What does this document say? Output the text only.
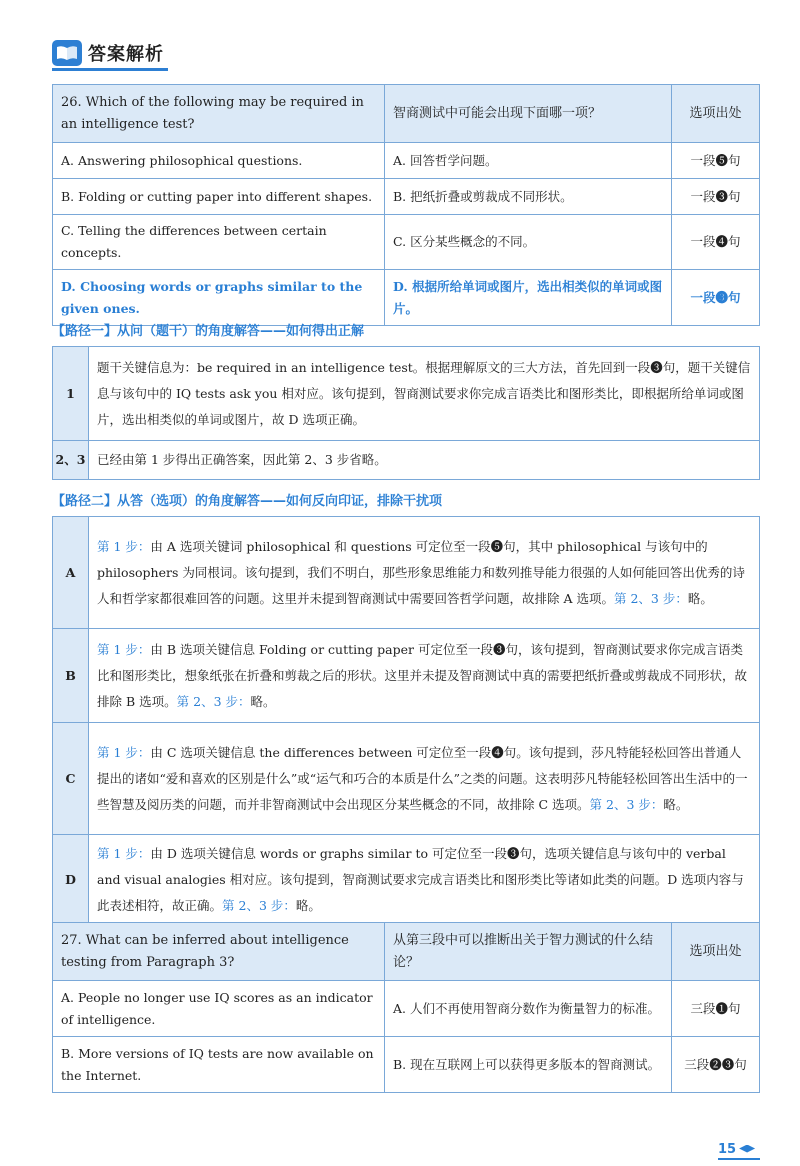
答案解析
26. Which of the following may be required in an intelligence test?	智商测试中可能会出现下面哪一项？	选项出处
A. Answering philosophical questions.	A. 回答哲学问题。	一段❺句
B. Folding or cutting paper into different shapes.	B. 把纸折叠或剪裁成不同形状。	一段❸句
C. Telling the differences between certain concepts.	C. 区分某些概念的不同。	一段❹句
D. Choosing words or graphs similar to the given ones.	D. 根据所给单词或图片，选出相类似的单词或图片。	一段❸句
【路径一】从问（题干）的角度解答——如何得出正解
1	题干关键信息为：be required in an intelligence test。根据理解原文的三大方法，首先回到一段❸句，题干关键信息与该句中的 IQ tests ask you 相对应。该句提到，智商测试要求你完成言语类比和图形类比，即根据所给单词或图片，选出相类似的单词或图片，故 D 选项正确。
2、3	已经由第 1 步得出正确答案，因此第 2、3 步省略。
【路径二】从答（选项）的角度解答——如何反向印证，排除干扰项
A	第 1 步：由 A 选项关键词 philosophical 和 questions 可定位至一段❺句，其中 philosophical 与该句中的 philosophers 为同根词。该句提到，我们不明白，那些形象思维能力和数列推导能力很强的人如何能回答出优秀的诗人和哲学家都很难回答的问题。这里并未提到智商测试中需要回答哲学问题，故排除 A 选项。第 2、3 步：略。
B	第 1 步：由 B 选项关键信息 Folding or cutting paper 可定位至一段❸句，该句提到，智商测试要求你完成言语类比和图形类比，想象纸张在折叠和剪裁之后的形状。这里并未提及智商测试中真的需要把纸折叠或剪裁成不同形状，故排除 B 选项。第 2、3 步：略。
C	第 1 步：由 C 选项关键信息 the differences between 可定位至一段❹句。该句提到，莎凡特能轻松回答出普通人提出的诸如“爱和喜欢的区别是什么”或“运气和巧合的本质是什么”之类的问题。这表明莎凡特能轻松回答出生活中的一些智慧及阅历类的问题，而并非智商测试中会出现区分某些概念的不同，故排除 C 选项。第 2、3 步：略。
D	第 1 步：由 D 选项关键信息 words or graphs similar to 可定位至一段❸句，选项关键信息与该句中的 verbal and visual analogies 相对应。该句提到，智商测试要求完成言语类比和图形类比等诸如此类的问题。D 选项内容与此表述相符，故正确。第 2、3 步：略。
27. What can be inferred about intelligence testing from Paragraph 3?	从第三段中可以推断出关于智力测试的什么结论？	选项出处
A. People no longer use IQ scores as an indicator of intelligence.	A. 人们不再使用智商分数作为衡量智力的标准。	三段❶句
B. More versions of IQ tests are now available on the Internet.	B. 现在互联网上可以获得更多版本的智商测试。	三段❷❸句
15
